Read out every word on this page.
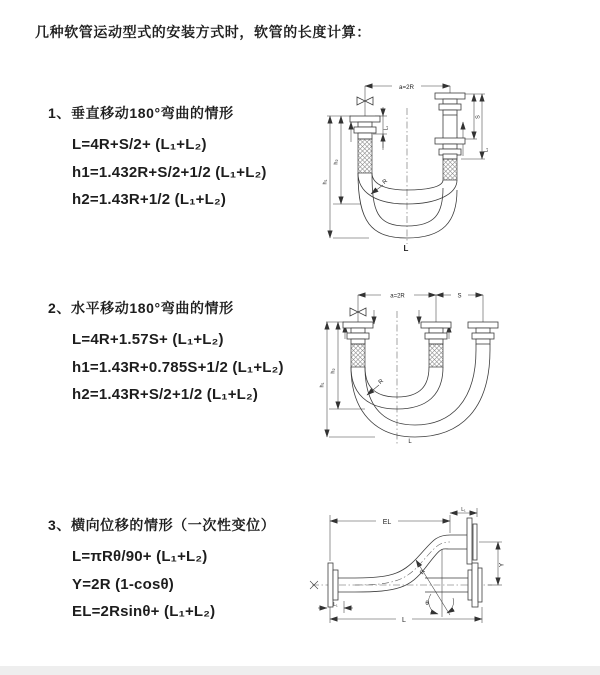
几种软管运动型式的安装方式时，软管的长度计算：
1、垂直移动180°弯曲的情形
L=4R+S/2+ (L₁+L₂)
h1=1.432R+S/2+1/2 (L₁+L₂)
h2=1.43R+1/2 (L₁+L₂)
2、水平移动180°弯曲的情形
L=4R+1.57S+ (L₁+L₂)
h1=1.43R+0.785S+1/2 (L₁+L₂)
h2=1.43R+S/2+1/2 (L₁+L₂)
3、横向位移的情形（一次性变位）
L=πRθ/90+ (L₁+L₂)
Y=2R (1-cosθ)
EL=2Rsinθ+ (L₁+L₂)
a=2R
h₁
h₂
L₁
S
L₁
R
L
a=2R	S
h₁
h₂
R
L
EL
L₁
Y
L
L₁	θ
R
